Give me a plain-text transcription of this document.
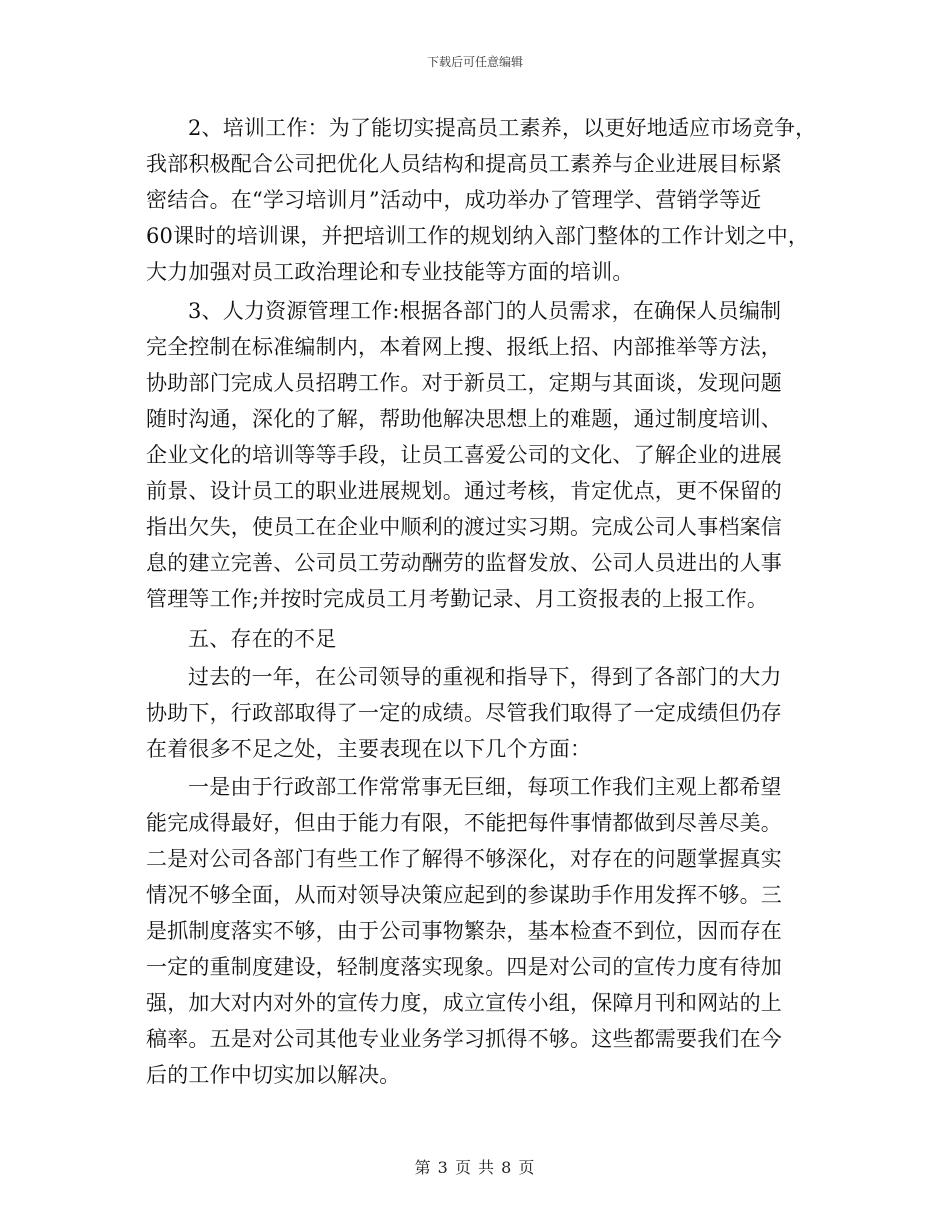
下载后可任意编辑
2、培训工作：为了能切实提高员工素养，以更好地适应市场竞争，
我部积极配合公司把优化人员结构和提高员工素养与企业进展目标紧
密结合。在“学习培训月”活动中，成功举办了管理学、营销学等近
60课时的培训课，并把培训工作的规划纳入部门整体的工作计划之中，
大力加强对员工政治理论和专业技能等方面的培训。
3、人力资源管理工作:根据各部门的人员需求，在确保人员编制
完全控制在标准编制内，本着网上搜、报纸上招、内部推举等方法，
协助部门完成人员招聘工作。对于新员工，定期与其面谈，发现问题
随时沟通，深化的了解，帮助他解决思想上的难题，通过制度培训、
企业文化的培训等等手段，让员工喜爱公司的文化、了解企业的进展
前景、设计员工的职业进展规划。通过考核，肯定优点，更不保留的
指出欠失，使员工在企业中顺利的渡过实习期。完成公司人事档案信
息的建立完善、公司员工劳动酬劳的监督发放、公司人员进出的人事
管理等工作;并按时完成员工月考勤记录、月工资报表的上报工作。
五、存在的不足
过去的一年，在公司领导的重视和指导下，得到了各部门的大力
协助下，行政部取得了一定的成绩。尽管我们取得了一定成绩但仍存
在着很多不足之处，主要表现在以下几个方面：
一是由于行政部工作常常事无巨细，每项工作我们主观上都希望
能完成得最好，但由于能力有限，不能把每件事情都做到尽善尽美。
二是对公司各部门有些工作了解得不够深化，对存在的问题掌握真实
情况不够全面，从而对领导决策应起到的参谋助手作用发挥不够。三
是抓制度落实不够，由于公司事物繁杂，基本检查不到位，因而存在
一定的重制度建设，轻制度落实现象。四是对公司的宣传力度有待加
强，加大对内对外的宣传力度，成立宣传小组，保障月刊和网站的上
稿率。五是对公司其他专业业务学习抓得不够。这些都需要我们在今
后的工作中切实加以解决。
第 3 页 共 8 页
